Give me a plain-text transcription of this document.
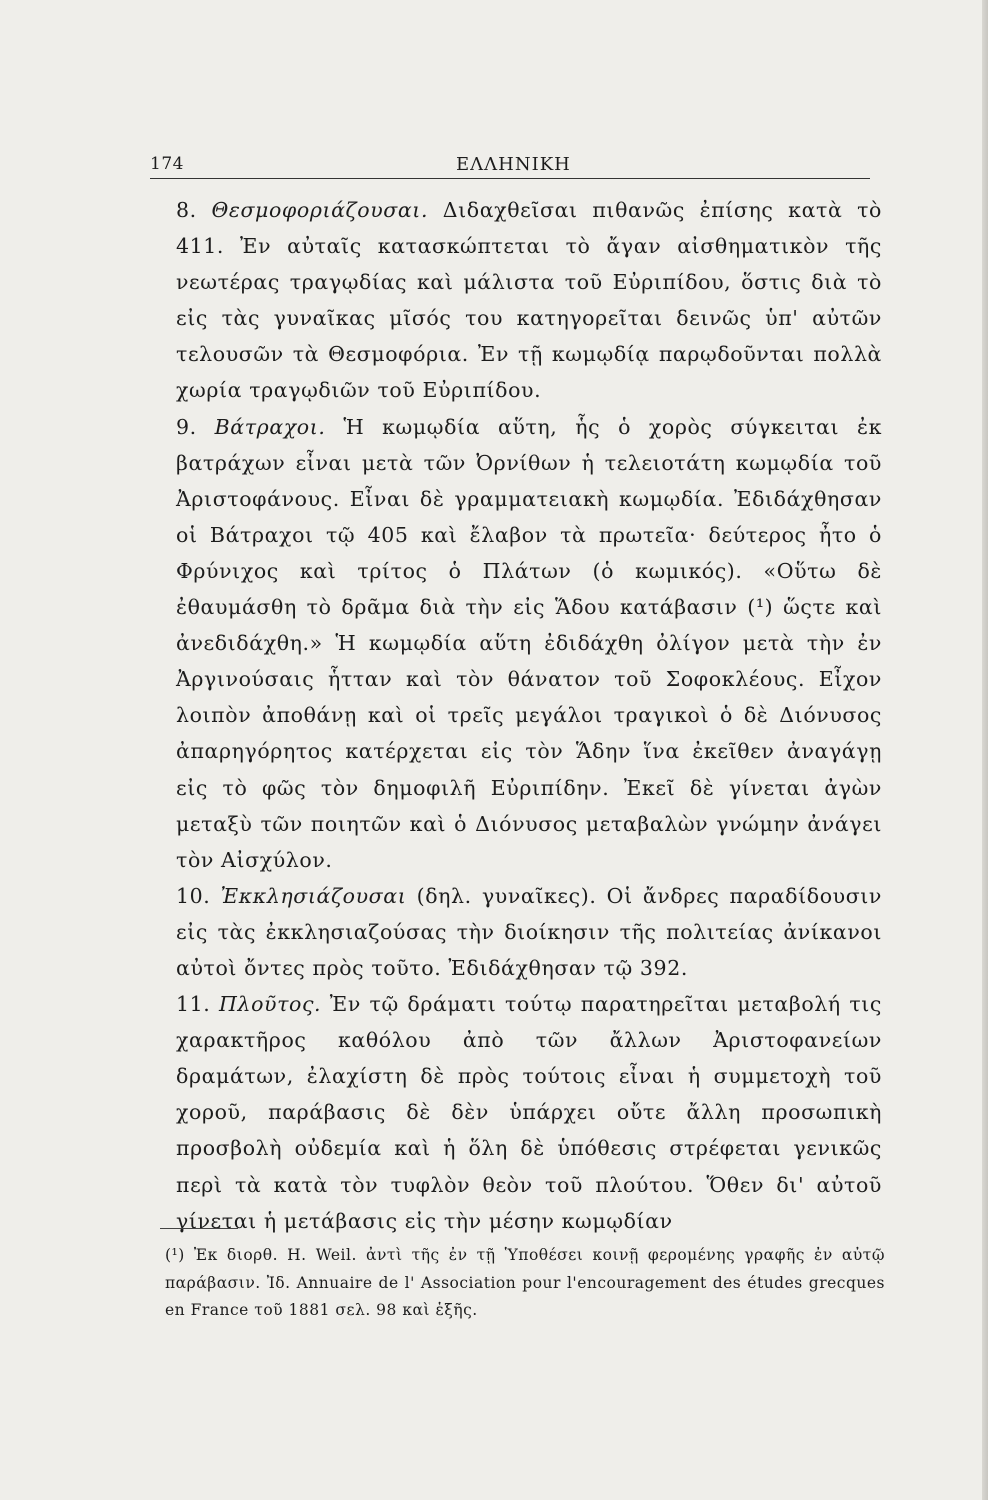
174	ΕΛΛΗΝΙΚΗ

8. Θεσμοφοριάζουσαι. Διδαχθεῖσαι πιθανῶς ἐπίσης κατὰ τὸ 411. Ἐν αὐταῖς κατασκώπτεται τὸ ἄγαν αἰσθηματικὸν τῆς νεωτέρας τραγῳδίας καὶ μάλιστα τοῦ Εὐριπίδου, ὅστις διὰ τὸ εἰς τὰς γυναῖκας μῖσός του κατηγορεῖται δεινῶς ὑπ' αὐτῶν τελουσῶν τὰ Θεσμοφόρια. Ἐν τῇ κωμῳδίᾳ παρῳδοῦνται πολλὰ χωρία τραγῳδιῶν τοῦ Εὐριπίδου.

9. Βάτραχοι. Ἡ κωμῳδία αὕτη, ἧς ὁ χορὸς σύγκειται ἐκ βατράχων εἶναι μετὰ τῶν Ὀρνίθων ἡ τελειοτάτη κωμῳδία τοῦ Ἀριστοφάνους. Εἶναι δὲ γραμματειακὴ κωμῳδία. Ἐδιδάχθησαν οἱ Βάτραχοι τῷ 405 καὶ ἔλαβον τὰ πρωτεῖα· δεύτερος ἦτο ὁ Φρύνιχος καὶ τρίτος ὁ Πλάτων (ὁ κωμικός). «Οὕτω δὲ ἐθαυμάσθη τὸ δρᾶμα διὰ τὴν εἰς Ἅδου κατάβασιν (¹) ὥςτε καὶ ἀνεδιδάχθη.» Ἡ κωμῳδία αὕτη ἐδιδάχθη ὀλίγον μετὰ τὴν ἐν Ἀργινούσαις ἧτταν καὶ τὸν θάνατον τοῦ Σοφοκλέους. Εἶχον λοιπὸν ἀποθάνῃ καὶ οἱ τρεῖς μεγάλοι τραγικοὶ ὁ δὲ Διόνυσος ἀπαρηγόρητος κατέρχεται εἰς τὸν Ἅδην ἵνα ἐκεῖθεν ἀναγάγῃ εἰς τὸ φῶς τὸν δημοφιλῆ Εὐριπίδην. Ἐκεῖ δὲ γίνεται ἀγὼν μεταξὺ τῶν ποιητῶν καὶ ὁ Διόνυσος μεταβαλὼν γνώμην ἀνάγει τὸν Αἰσχύλον.

10. Ἐκκλησιάζουσαι (δηλ. γυναῖκες). Οἱ ἄνδρες παραδίδουσιν εἰς τὰς ἐκκλησιαζούσας τὴν διοίκησιν τῆς πολιτείας ἀνίκανοι αὐτοὶ ὄντες πρὸς τοῦτο. Ἐδιδάχθησαν τῷ 392.

11. Πλοῦτος. Ἐν τῷ δράματι τούτῳ παρατηρεῖται μεταβολή τις χαρακτῆρος καθόλου ἀπὸ τῶν ἄλλων Ἀριστοφανείων δραμάτων, ἐλαχίστη δὲ πρὸς τούτοις εἶναι ἡ συμμετοχὴ τοῦ χοροῦ, παράβασις δὲ δὲν ὑπάρχει οὔτε ἄλλη προσωπικὴ προσβολὴ οὐδεμία καὶ ἡ ὅλη δὲ ὑπόθεσις στρέφεται γενικῶς περὶ τὰ κατὰ τὸν τυφλὸν θεὸν τοῦ πλούτου. Ὅθεν δι' αὐτοῦ γίνεται ἡ μετάβασις εἰς τὴν μέσην κωμῳδίαν

(¹) Ἐκ διορθ. Η. Weil. ἀντὶ τῆς ἐν τῇ Ὑποθέσει κοινῇ φερομένης γραφῆς ἐν αὐτῷ παράβασιν. Ἰδ. Annuaire de l' Association pour l'encouragement des études grecques en France τοῦ 1881 σελ. 98 καὶ ἑξῆς.
